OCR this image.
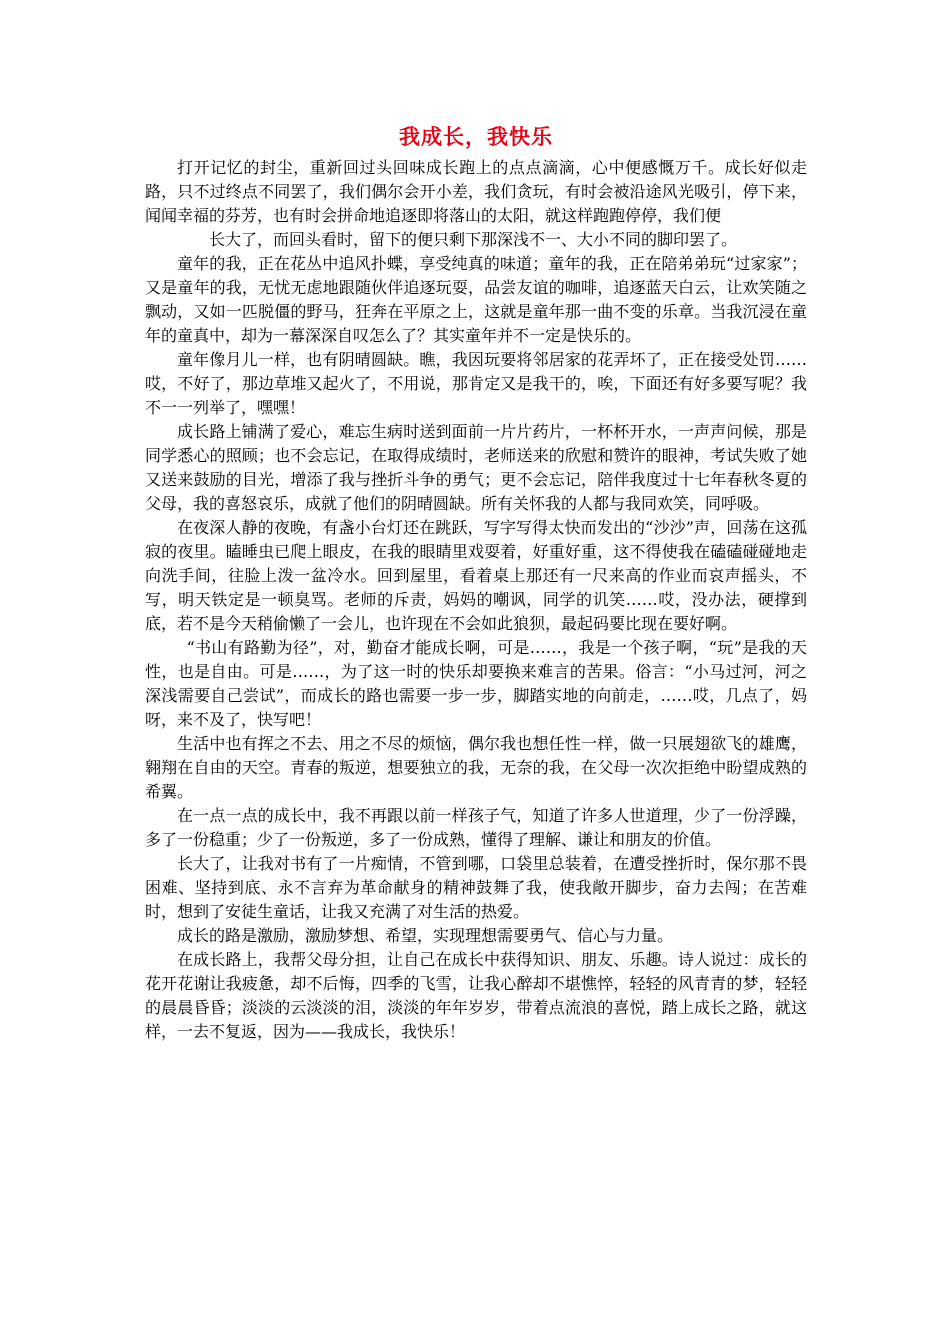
我成长，我快乐

打开记忆的封尘，重新回过头回味成长跑上的点点滴滴，心中便感慨万千。成长好似走路，只不过终点不同罢了，我们偶尔会开小差，我们贪玩，有时会被沿途风光吸引，停下来，闻闻幸福的芬芳，也有时会拼命地追逐即将落山的太阳，就这样跑跑停停，我们便

长大了，而回头看时，留下的便只剩下那深浅不一、大小不同的脚印罢了。

童年的我，正在花丛中追风扑蝶，享受纯真的味道；童年的我，正在陪弟弟玩“过家家”；又是童年的我，无忧无虑地跟随伙伴追逐玩耍，品尝友谊的咖啡，追逐蓝天白云，让欢笑随之飘动，又如一匹脱僵的野马，狂奔在平原之上，这就是童年那一曲不变的乐章。当我沉浸在童年的童真中，却为一幕深深自叹怎么了？其实童年并不一定是快乐的。

童年像月儿一样，也有阴晴圆缺。瞧，我因玩要将邻居家的花弄坏了，正在接受处罚……哎，不好了，那边草堆又起火了，不用说，那肯定又是我干的，唉，下面还有好多要写呢？我不一一列举了，嘿嘿！

成长路上铺满了爱心，难忘生病时送到面前一片片药片，一杯杯开水，一声声问候，那是同学悉心的照顾；也不会忘记，在取得成绩时，老师送来的欣慰和赞许的眼神，考试失败了她又送来鼓励的目光，增添了我与挫折斗争的勇气；更不会忘记，陪伴我度过十七年春秋冬夏的父母，我的喜怒哀乐，成就了他们的阴晴圆缺。所有关怀我的人都与我同欢笑，同呼吸。

在夜深人静的夜晚，有盏小台灯还在跳跃，写字写得太快而发出的“沙沙”声，回荡在这孤寂的夜里。瞌睡虫已爬上眼皮，在我的眼睛里戏耍着，好重好重，这不得使我在磕磕碰碰地走向洗手间，往脸上泼一盆冷水。回到屋里，看着桌上那还有一尺来高的作业而哀声摇头，不写，明天铁定是一顿臭骂。老师的斥责，妈妈的嘲讽，同学的讥笑……哎，没办法，硬撑到底，若不是今天稍偷懒了一会儿，也许现在不会如此狼狈，最起码要比现在要好啊。

“书山有路勤为径”，对，勤奋才能成长啊，可是……，我是一个孩子啊，“玩”是我的天性，也是自由。可是……，为了这一时的快乐却要换来难言的苦果。俗言：“小马过河，河之深浅需要自己尝试”，而成长的路也需要一步一步，脚踏实地的向前走，……哎，几点了，妈呀，来不及了，快写吧！

生活中也有挥之不去、用之不尽的烦恼，偶尔我也想任性一样，做一只展翅欲飞的雄鹰，翱翔在自由的天空。青春的叛逆，想要独立的我，无奈的我，在父母一次次拒绝中盼望成熟的希翼。

在一点一点的成长中，我不再跟以前一样孩子气，知道了许多人世道理，少了一份浮躁，多了一份稳重；少了一份叛逆，多了一份成熟，懂得了理解、谦让和朋友的价值。

长大了，让我对书有了一片痴情，不管到哪，口袋里总装着，在遭受挫折时，保尔那不畏困难、坚持到底、永不言弃为革命献身的精神鼓舞了我，使我敞开脚步，奋力去闯；在苦难时，想到了安徒生童话，让我又充满了对生活的热爱。

成长的路是激励，激励梦想、希望，实现理想需要勇气、信心与力量。

在成长路上，我帮父母分担，让自己在成长中获得知识、朋友、乐趣。诗人说过：成长的花开花谢让我疲惫，却不后悔，四季的飞雪，让我心醉却不堪憔悴，轻轻的风青青的梦，轻轻的晨晨昏昏；淡淡的云淡淡的泪，淡淡的年年岁岁，带着点流浪的喜悦，踏上成长之路，就这样，一去不复返，因为——我成长，我快乐！
